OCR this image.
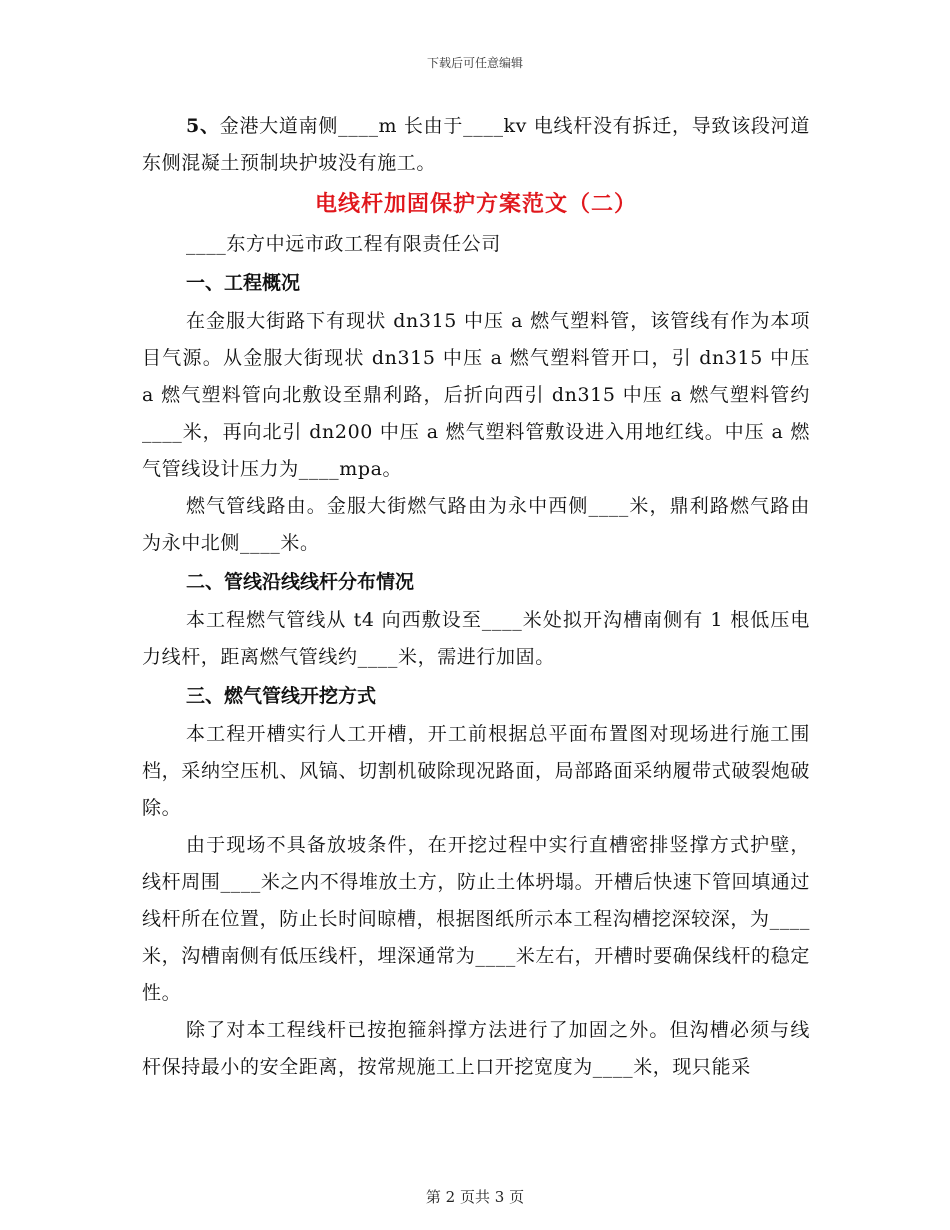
下载后可任意编辑

5、金港大道南侧____m 长由于____kv 电线杆没有拆迁，导致该段河道东侧混凝土预制块护坡没有施工。

电线杆加固保护方案范文（二）

____东方中远市政工程有限责任公司

一、工程概况

在金服大街路下有现状 dn315 中压 a 燃气塑料管，该管线有作为本项目气源。从金服大街现状 dn315 中压 a 燃气塑料管开口，引 dn315 中压 a 燃气塑料管向北敷设至鼎利路，后折向西引 dn315 中压 a 燃气塑料管约____米，再向北引 dn200 中压 a 燃气塑料管敷设进入用地红线。中压 a 燃气管线设计压力为____mpa。

燃气管线路由。金服大街燃气路由为永中西侧____米，鼎利路燃气路由为永中北侧____米。

二、管线沿线线杆分布情况

本工程燃气管线从 t4 向西敷设至____米处拟开沟槽南侧有 1 根低压电力线杆，距离燃气管线约____米，需进行加固。

三、燃气管线开挖方式

本工程开槽实行人工开槽，开工前根据总平面布置图对现场进行施工围档，采纳空压机、风镐、切割机破除现况路面，局部路面采纳履带式破裂炮破除。

由于现场不具备放坡条件，在开挖过程中实行直槽密排竖撑方式护壁，线杆周围____米之内不得堆放土方，防止土体坍塌。开槽后快速下管回填通过线杆所在位置，防止长时间晾槽，根据图纸所示本工程沟槽挖深较深，为____米，沟槽南侧有低压线杆，埋深通常为____米左右，开槽时要确保线杆的稳定性。

除了对本工程线杆已按抱箍斜撑方法进行了加固之外。但沟槽必须与线杆保持最小的安全距离，按常规施工上口开挖宽度为____米，现只能采

第 2 页共 3 页
